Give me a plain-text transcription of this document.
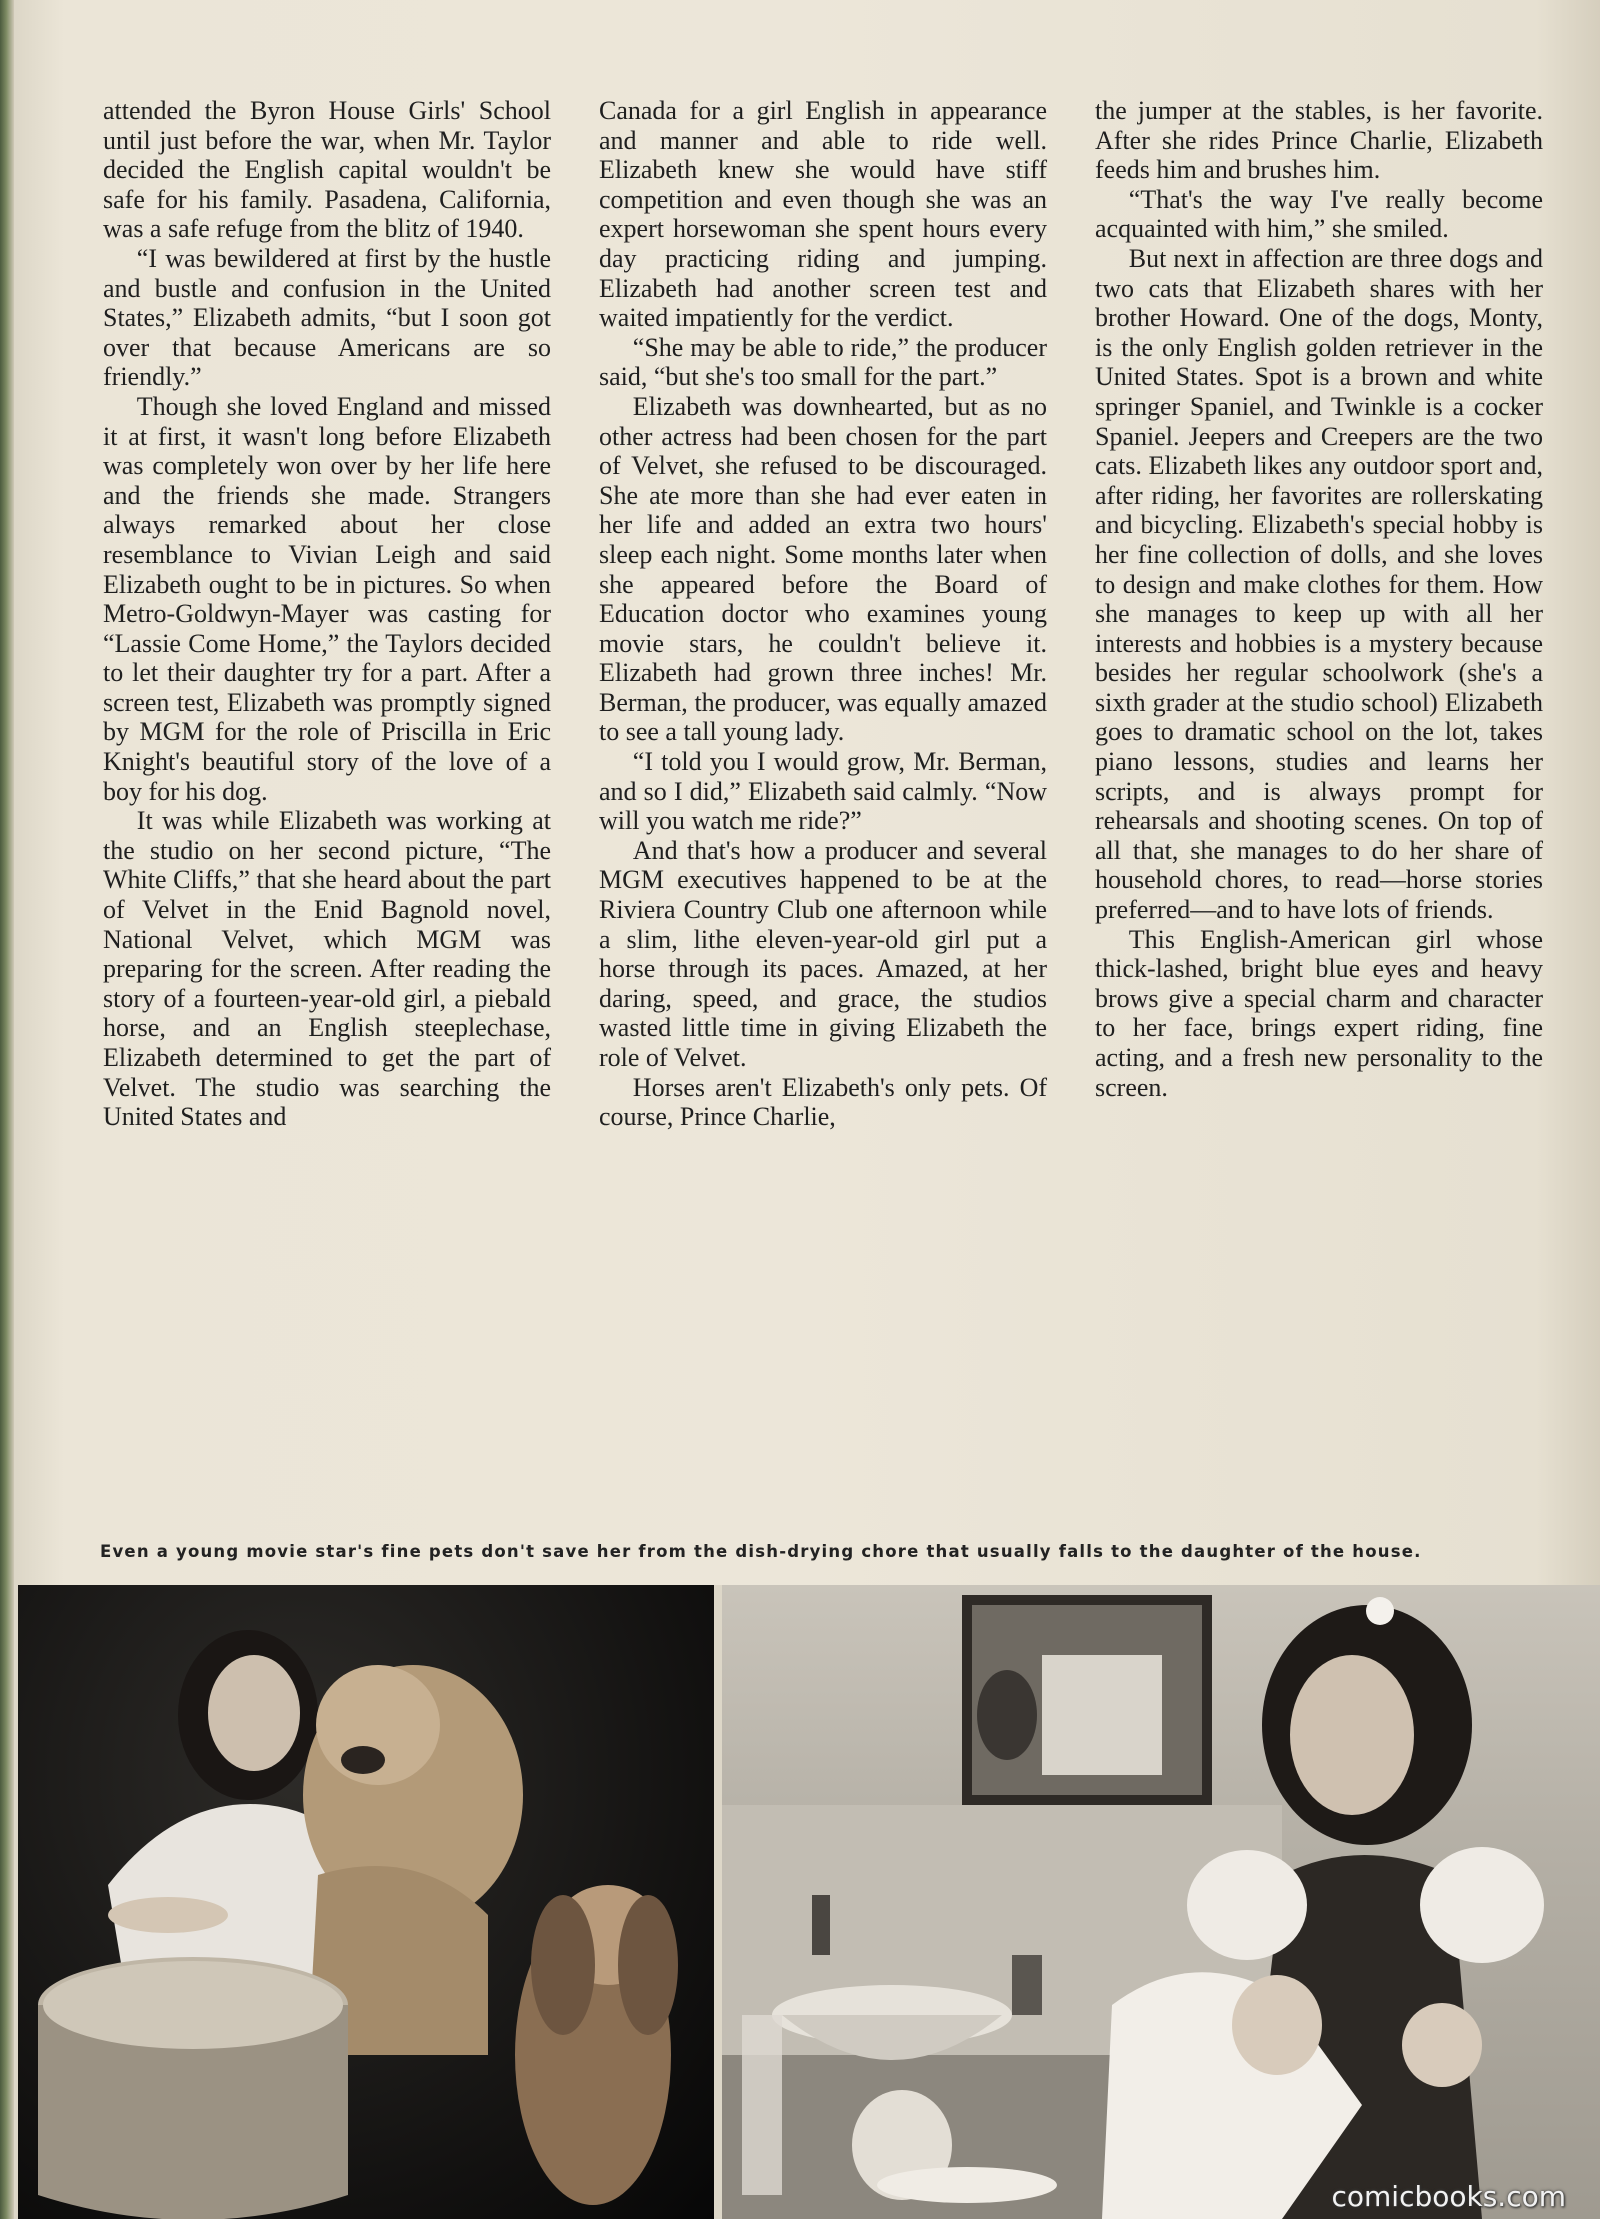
attended the Byron House Girls' School until just before the war, when Mr. Taylor decided the English capital wouldn't be safe for his family. Pasadena, California, was a safe refuge from the blitz of 1940.

“I was bewildered at first by the hustle and bustle and confusion in the United States,” Elizabeth admits, “but I soon got over that because Americans are so friendly.”

Though she loved England and missed it at first, it wasn't long before Elizabeth was completely won over by her life here and the friends she made. Strangers always remarked about her close resemblance to Vivian Leigh and said Elizabeth ought to be in pictures. So when Metro-Goldwyn-Mayer was casting for “Lassie Come Home,” the Taylors decided to let their daughter try for a part. After a screen test, Elizabeth was promptly signed by MGM for the role of Priscilla in Eric Knight's beautiful story of the love of a boy for his dog.

It was while Elizabeth was working at the studio on her second picture, “The White Cliffs,” that she heard about the part of Velvet in the Enid Bagnold novel, National Velvet, which MGM was preparing for the screen. After reading the story of a fourteen-year-old girl, a piebald horse, and an English steeplechase, Elizabeth determined to get the part of Velvet. The studio was searching the United States and

Canada for a girl English in appearance and manner and able to ride well. Elizabeth knew she would have stiff competition and even though she was an expert horsewoman she spent hours every day practicing riding and jumping. Elizabeth had another screen test and waited impatiently for the verdict.

“She may be able to ride,” the producer said, “but she's too small for the part.”

Elizabeth was downhearted, but as no other actress had been chosen for the part of Velvet, she refused to be discouraged. She ate more than she had ever eaten in her life and added an extra two hours' sleep each night. Some months later when she appeared before the Board of Education doctor who examines young movie stars, he couldn't believe it. Elizabeth had grown three inches! Mr. Berman, the producer, was equally amazed to see a tall young lady.

“I told you I would grow, Mr. Berman, and so I did,” Elizabeth said calmly. “Now will you watch me ride?”

And that's how a producer and several MGM executives happened to be at the Riviera Country Club one afternoon while a slim, lithe eleven-year-old girl put a horse through its paces. Amazed, at her daring, speed, and grace, the studios wasted little time in giving Elizabeth the role of Velvet.

Horses aren't Elizabeth's only pets. Of course, Prince Charlie,

the jumper at the stables, is her favorite. After she rides Prince Charlie, Elizabeth feeds him and brushes him.

“That's the way I've really become acquainted with him,” she smiled.

But next in affection are three dogs and two cats that Elizabeth shares with her brother Howard. One of the dogs, Monty, is the only English golden retriever in the United States. Spot is a brown and white springer Spaniel, and Twinkle is a cocker Spaniel. Jeepers and Creepers are the two cats. Elizabeth likes any outdoor sport and, after riding, her favorites are rollerskating and bicycling. Elizabeth's special hobby is her fine collection of dolls, and she loves to design and make clothes for them. How she manages to keep up with all her interests and hobbies is a mystery because besides her regular schoolwork (she's a sixth grader at the studio school) Elizabeth goes to dramatic school on the lot, takes piano lessons, studies and learns her scripts, and is always prompt for rehearsals and shooting scenes. On top of all that, she manages to do her share of household chores, to read—horse stories preferred—and to have lots of friends.

This English-American girl whose thick-lashed, bright blue eyes and heavy brows give a special charm and character to her face, brings expert riding, fine acting, and a fresh new personality to the screen.

Even a young movie star's fine pets don't save her from the dish-drying chore that usually falls to the daughter of the house.
comicbooks.com
